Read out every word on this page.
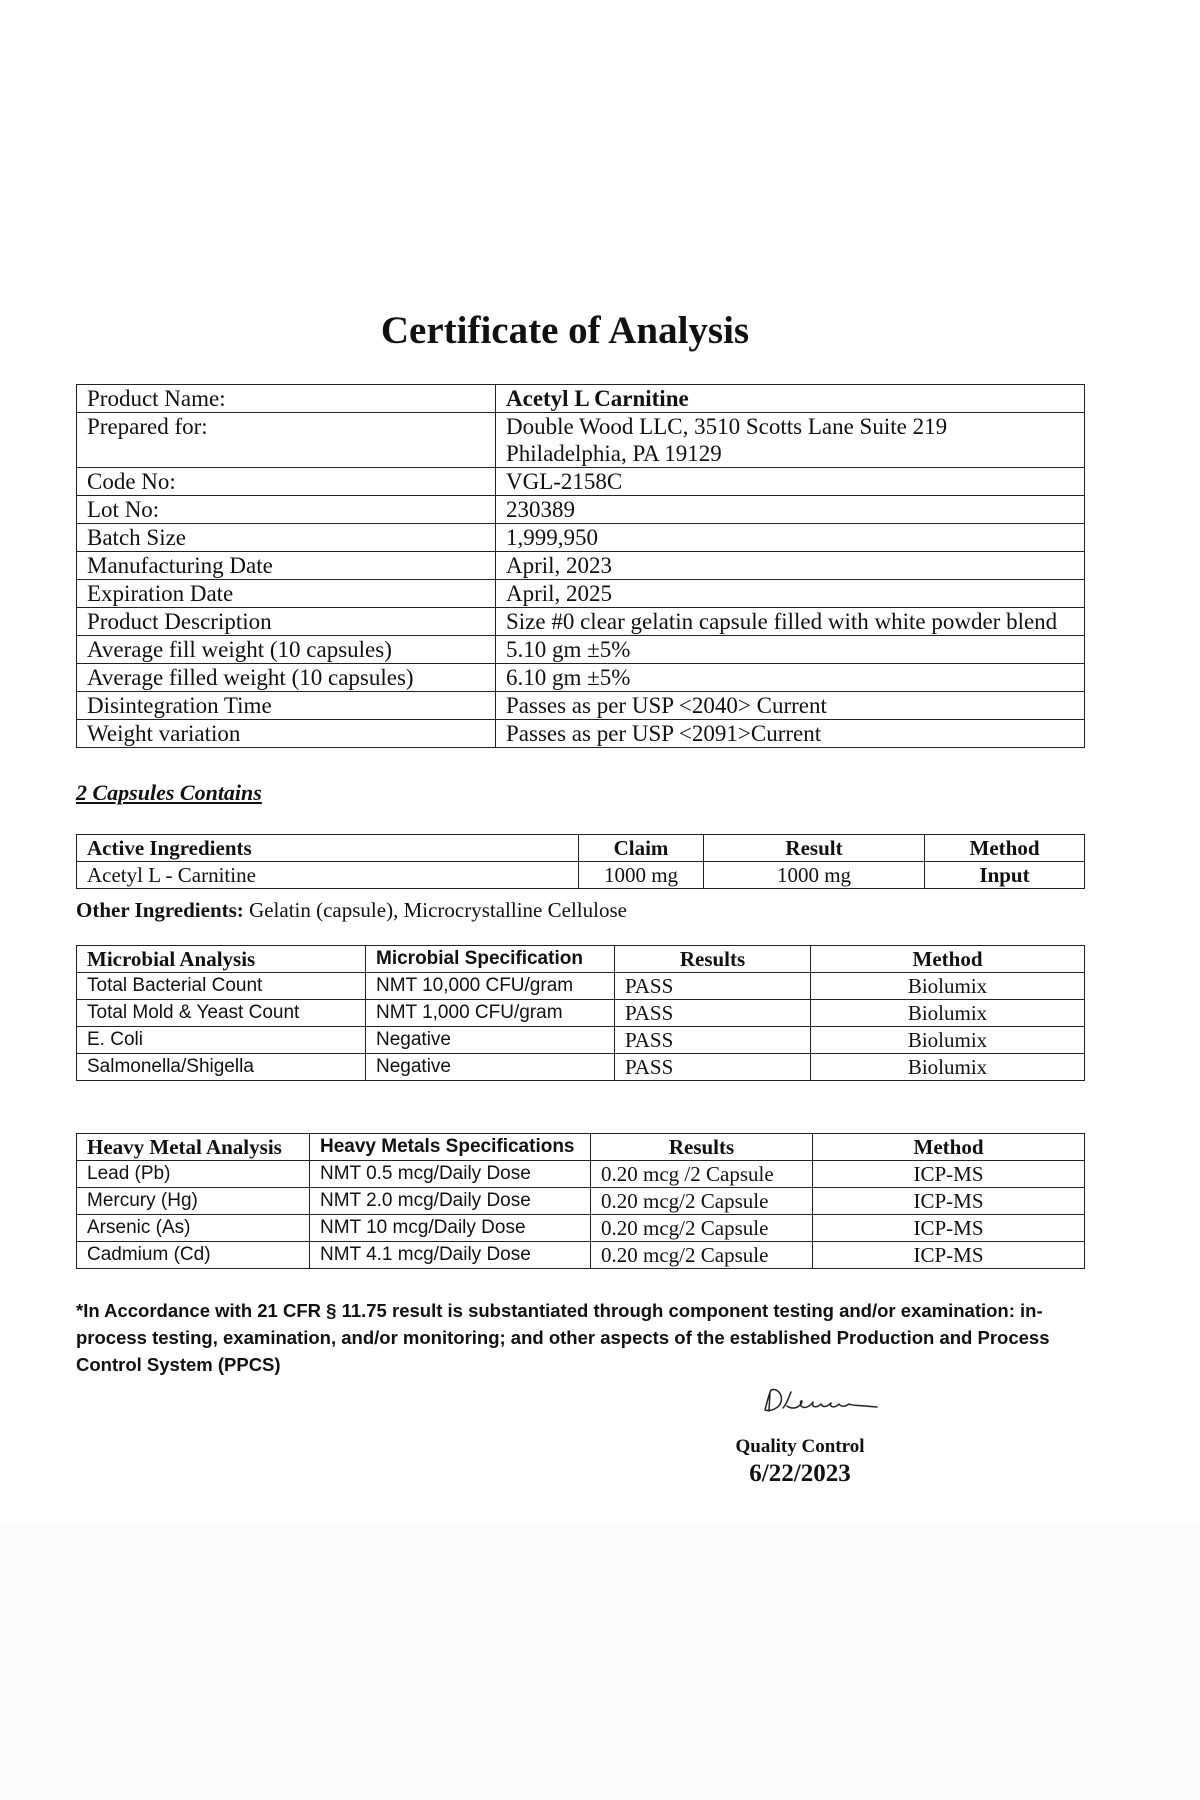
Certificate of Analysis
Product Name:	Acetyl L Carnitine
Prepared for:	Double Wood LLC, 3510 Scotts Lane Suite 219
Philadelphia, PA 19129
Code No:	VGL-2158C
Lot No:	230389
Batch Size	1,999,950
Manufacturing Date	April, 2023
Expiration Date	April, 2025
Product Description	Size #0 clear gelatin capsule filled with white powder blend
Average fill weight (10 capsules)	5.10 gm ±5%
Average filled weight (10 capsules)	6.10 gm ±5%
Disintegration Time	Passes as per USP <2040> Current
Weight variation	Passes as per USP <2091>Current
2 Capsules Contains
Active Ingredients	Claim	Result	Method
Acetyl L - Carnitine	1000 mg	1000 mg	Input
Other Ingredients: Gelatin (capsule), Microcrystalline Cellulose
Microbial Analysis	Microbial Specification	Results	Method
Total Bacterial Count	NMT 10,000 CFU/gram	PASS	Biolumix
Total Mold & Yeast Count	NMT 1,000 CFU/gram	PASS	Biolumix
E. Coli	Negative	PASS	Biolumix
Salmonella/Shigella	Negative	PASS	Biolumix
Heavy Metal Analysis	Heavy Metals Specifications	Results	Method
Lead (Pb)	NMT 0.5 mcg/Daily Dose	0.20 mcg /2 Capsule	ICP-MS
Mercury (Hg)	NMT 2.0 mcg/Daily Dose	0.20 mcg/2 Capsule	ICP-MS
Arsenic (As)	NMT 10 mcg/Daily Dose	0.20 mcg/2 Capsule	ICP-MS
Cadmium (Cd)	NMT 4.1 mcg/Daily Dose	0.20 mcg/2 Capsule	ICP-MS
*In Accordance with 21 CFR § 11.75 result is substantiated through component testing and/or examination: in-process testing, examination, and/or monitoring; and other aspects of the established Production and Process Control System (PPCS)
Quality Control
6/22/2023
